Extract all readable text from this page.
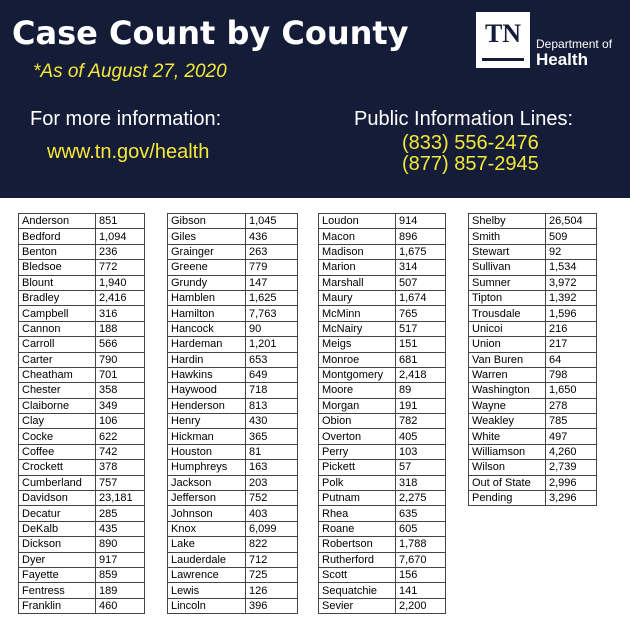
Case Count by County
*As of August 27, 2020
For more information:
www.tn.gov/health
Public Information Lines:
(833) 556-2476
(877) 857-2945
TN	Department of
Health
Anderson	851
Bedford	1,094
Benton	236
Bledsoe	772
Blount	1,940
Bradley	2,416
Campbell	316
Cannon	188
Carroll	566
Carter	790
Cheatham	701
Chester	358
Claiborne	349
Clay	106
Cocke	622
Coffee	742
Crockett	378
Cumberland	757
Davidson	23,181
Decatur	285
DeKalb	435
Dickson	890
Dyer	917
Fayette	859
Fentress	189
Franklin	460
Gibson	1,045
Giles	436
Grainger	263
Greene	779
Grundy	147
Hamblen	1,625
Hamilton	7,763
Hancock	90
Hardeman	1,201
Hardin	653
Hawkins	649
Haywood	718
Henderson	813
Henry	430
Hickman	365
Houston	81
Humphreys	163
Jackson	203
Jefferson	752
Johnson	403
Knox	6,099
Lake	822
Lauderdale	712
Lawrence	725
Lewis	126
Lincoln	396
Loudon	914
Macon	896
Madison	1,675
Marion	314
Marshall	507
Maury	1,674
McMinn	765
McNairy	517
Meigs	151
Monroe	681
Montgomery	2,418
Moore	89
Morgan	191
Obion	782
Overton	405
Perry	103
Pickett	57
Polk	318
Putnam	2,275
Rhea	635
Roane	605
Robertson	1,788
Rutherford	7,670
Scott	156
Sequatchie	141
Sevier	2,200
Shelby	26,504
Smith	509
Stewart	92
Sullivan	1,534
Sumner	3,972
Tipton	1,392
Trousdale	1,596
Unicoi	216
Union	217
Van Buren	64
Warren	798
Washington	1,650
Wayne	278
Weakley	785
White	497
Williamson	4,260
Wilson	2,739
Out of State	2,996
Pending	3,296
